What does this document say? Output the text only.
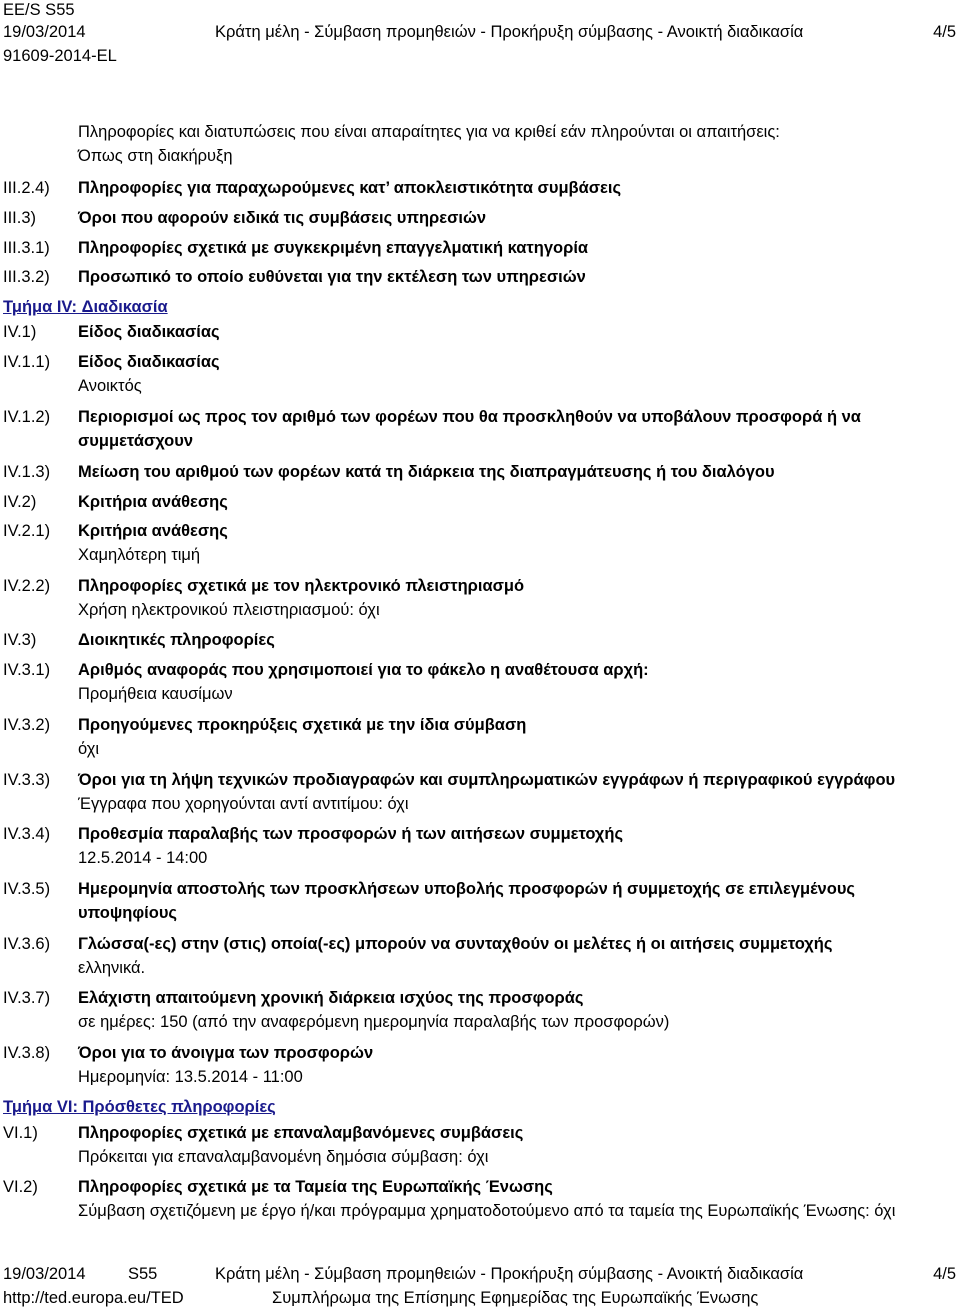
EE/S S55
19/03/2014	Κράτη μέλη - Σύμβαση προμηθειών - Προκήρυξη σύμβασης - Ανοικτή διαδικασία	4/5
91609-2014-EL
Πληροφορίες και διατυπώσεις που είναι απαραίτητες για να κριθεί εάν πληρούνται οι απαιτήσεις:
Όπως στη διακήρυξη
III.2.4) Πληροφορίες για παραχωρούμενες κατ’ αποκλειστικότητα συμβάσεις
III.3)	Όροι που αφορούν ειδικά τις συμβάσεις υπηρεσιών
III.3.1) Πληροφορίες σχετικά με συγκεκριμένη επαγγελματική κατηγορία
III.3.2) Προσωπικό το οποίο ευθύνεται για την εκτέλεση των υπηρεσιών
Τμήμα IV: Διαδικασία
IV.1)	Είδος διαδικασίας
IV.1.1) Είδος διαδικασίας
Ανοικτός
IV.1.2) Περιορισμοί ως προς τον αριθμό των φορέων που θα προσκληθούν να υποβάλουν προσφορά ή να συμμετάσχουν
IV.1.3) Μείωση του αριθμού των φορέων κατά τη διάρκεια της διαπραγμάτευσης ή του διαλόγου
IV.2)	Κριτήρια ανάθεσης
IV.2.1) Κριτήρια ανάθεσης
Χαμηλότερη τιμή
IV.2.2) Πληροφορίες σχετικά με τον ηλεκτρονικό πλειστηριασμό
Χρήση ηλεκτρονικού πλειστηριασμού: όχι
IV.3)	Διοικητικές πληροφορίες
IV.3.1) Αριθμός αναφοράς που χρησιμοποιεί για το φάκελο η αναθέτουσα αρχή:
Προμήθεια καυσίμων
IV.3.2) Προηγούμενες προκηρύξεις σχετικά με την ίδια σύμβαση
όχι
IV.3.3) Όροι για τη λήψη τεχνικών προδιαγραφών και συμπληρωματικών εγγράφων ή περιγραφικού εγγράφου
Έγγραφα που χορηγούνται αντί αντιτίμου: όχι
IV.3.4) Προθεσμία παραλαβής των προσφορών ή των αιτήσεων συμμετοχής
12.5.2014 - 14:00
IV.3.5) Ημερομηνία αποστολής των προσκλήσεων υποβολής προσφορών ή συμμετοχής σε επιλεγμένους υποψηφίους
IV.3.6) Γλώσσα(-ες) στην (στις) οποία(-ες) μπορούν να συνταχθούν οι μελέτες ή οι αιτήσεις συμμετοχής
ελληνικά.
IV.3.7) Ελάχιστη απαιτούμενη χρονική διάρκεια ισχύος της προσφοράς
σε ημέρες: 150 (από την αναφερόμενη ημερομηνία παραλαβής των προσφορών)
IV.3.8) Όροι για το άνοιγμα των προσφορών
Ημερομηνία: 13.5.2014 - 11:00
Τμήμα VI: Πρόσθετες πληροφορίες
VI.1) Πληροφορίες σχετικά με επαναλαμβανόμενες συμβάσεις
Πρόκειται για επαναλαμβανομένη δημόσια σύμβαση: όχι
VI.2) Πληροφορίες σχετικά με τα Ταμεία της Ευρωπαϊκής Ένωσης
Σύμβαση σχετιζόμενη με έργο ή/και πρόγραμμα χρηματοδοτούμενο από τα ταμεία της Ευρωπαϊκής Ένωσης: όχι
19/03/2014	S55	Κράτη μέλη - Σύμβαση προμηθειών - Προκήρυξη σύμβασης - Ανοικτή διαδικασία	4/5
http://ted.europa.eu/TED	Συμπλήρωμα της Επίσημης Εφημερίδας της Ευρωπαϊκής Ένωσης
